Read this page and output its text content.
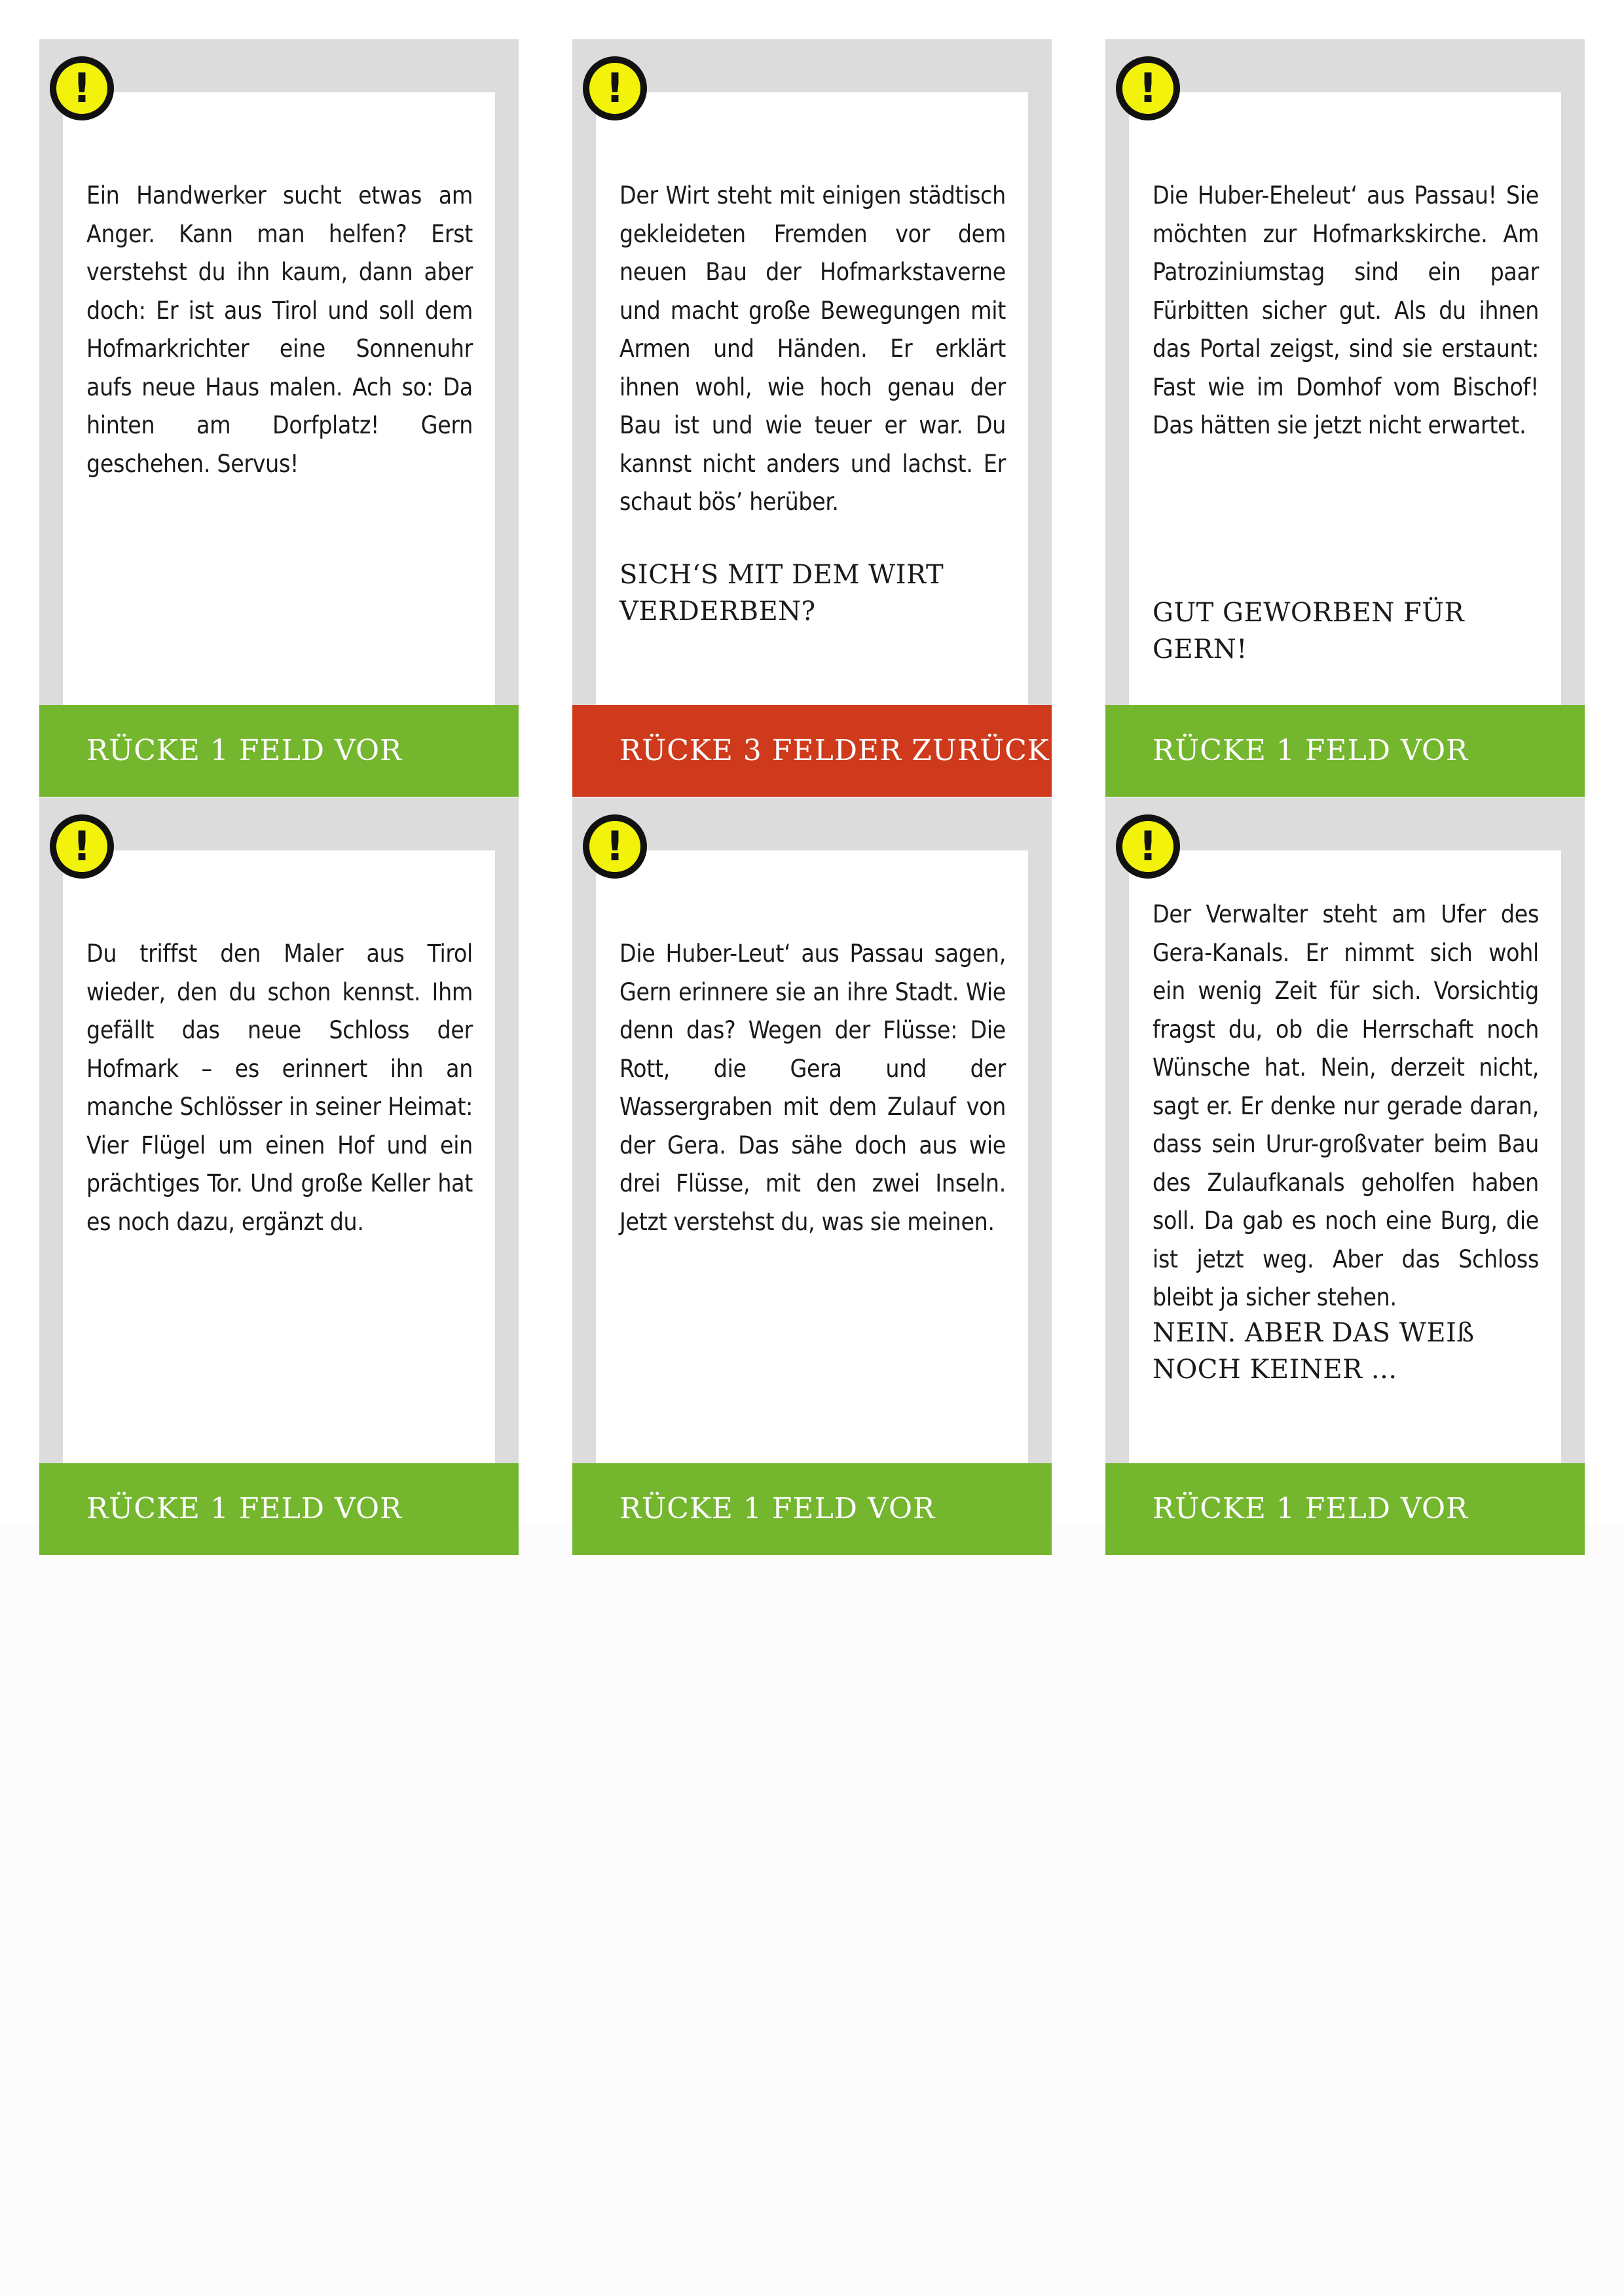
!
Ein Handwerker sucht etwas am Anger. Kann man helfen? Erst verstehst du ihn kaum, dann aber doch: Er ist aus Tirol und soll dem Hofmarkrichter eine Sonnenuhr aufs neue Haus malen. Ach so: Da hinten am Dorfplatz! Gern geschehen. Servus!
RÜCKE 1 FELD VOR
!
Der Wirt steht mit einigen städtisch gekleideten Fremden vor dem neuen Bau der Hofmarkstaverne und macht große Bewegungen mit Armen und Händen. Er erklärt ihnen wohl, wie hoch genau der Bau ist und wie teuer er war. Du kannst nicht anders und lachst. Er schaut bös’ herüber.
SICH‘S MIT DEM WIRT VERDERBEN?
RÜCKE 3 FELDER ZURÜCK
!
Die Huber-Eheleut‘ aus Passau! Sie möchten zur Hofmarkskirche. Am Patroziniumstag sind ein paar Fürbitten sicher gut. Als du ihnen das Portal zeigst, sind sie erstaunt: Fast wie im Domhof vom Bischof! Das hätten sie jetzt nicht erwartet.
GUT GEWORBEN FÜR GERN!
RÜCKE 1 FELD VOR
!
Du triffst den Maler aus Tirol wieder, den du schon kennst. Ihm gefällt das neue Schloss der Hofmark – es erinnert ihn an manche Schlösser in seiner Heimat: Vier Flügel um einen Hof und ein prächtiges Tor. Und große Keller hat es noch dazu, ergänzt du.
RÜCKE 1 FELD VOR
!
Die Huber-Leut‘ aus Passau sagen, Gern erinnere sie an ihre Stadt. Wie denn das? Wegen der Flüsse: Die Rott, die Gera und der Wassergraben mit dem Zulauf von der Gera. Das sähe doch aus wie drei Flüsse, mit den zwei Inseln. Jetzt verstehst du, was sie meinen.
RÜCKE 1 FELD VOR
!
Der Verwalter steht am Ufer des Gera-Kanals. Er nimmt sich wohl ein wenig Zeit für sich. Vorsichtig fragst du, ob die Herrschaft noch Wünsche hat. Nein, derzeit nicht, sagt er. Er denke nur gerade daran, dass sein Urur-großvater beim Bau des Zulaufkanals geholfen haben soll. Da gab es noch eine Burg, die ist jetzt weg. Aber das Schloss bleibt ja sicher stehen.
NEIN. ABER DAS WEIß NOCH KEINER ...
RÜCKE 1 FELD VOR
